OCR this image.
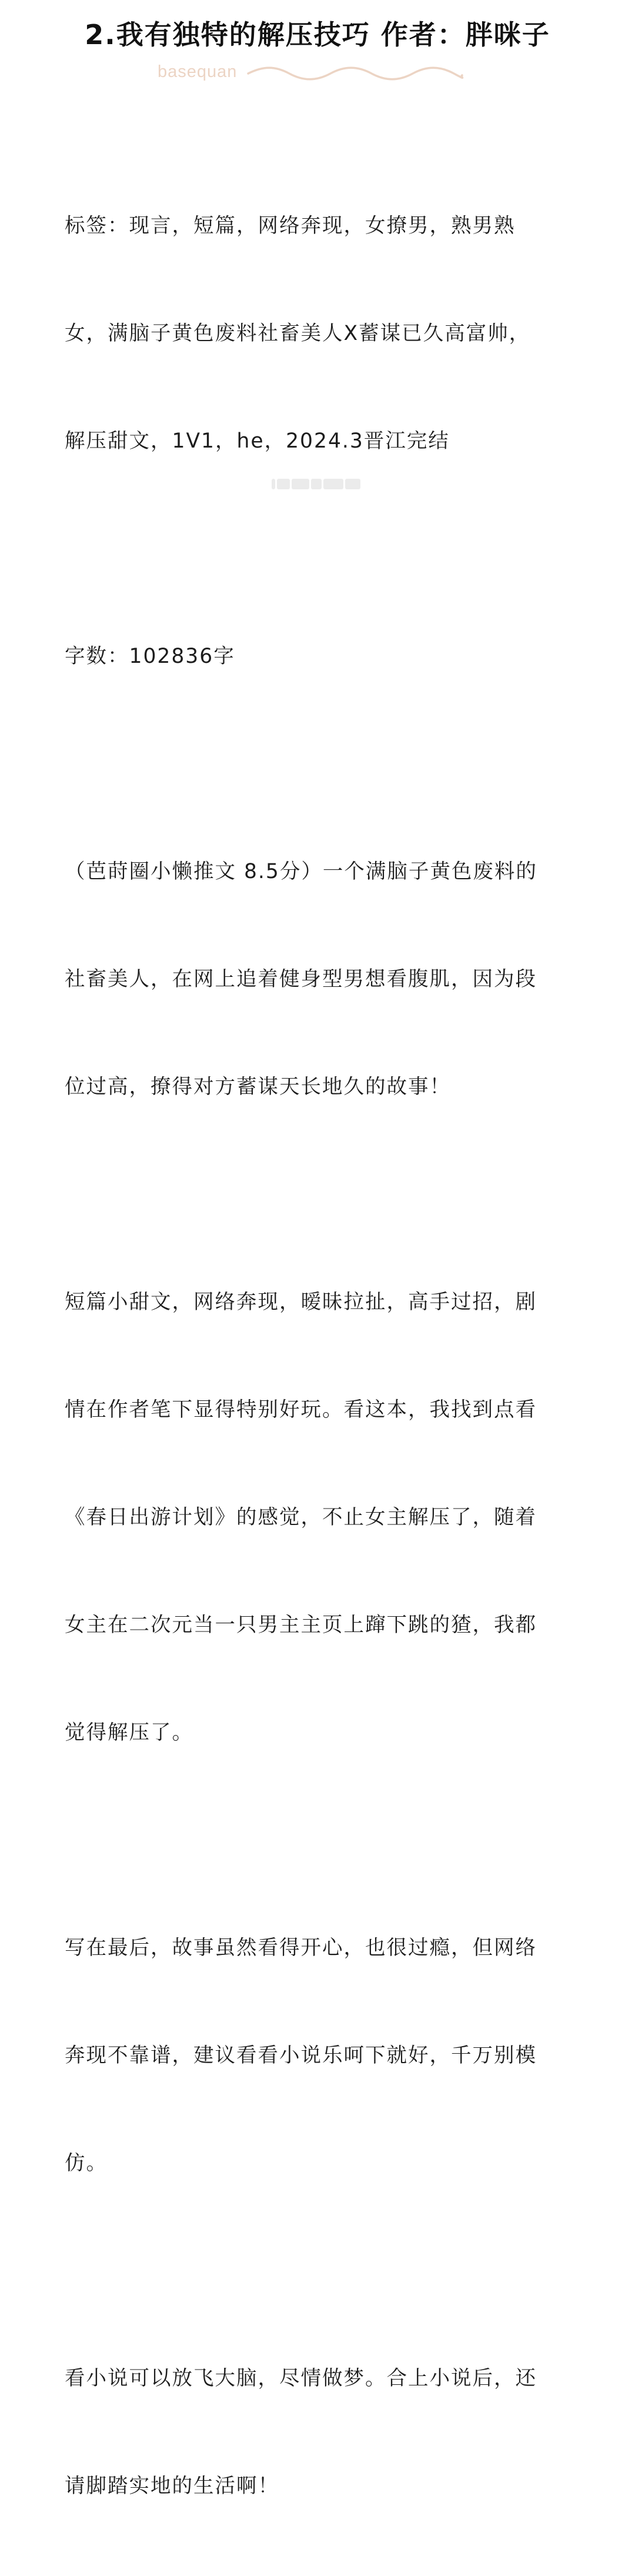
2.我有独特的解压技巧 作者：胖咪子
basequan

标签：现言，短篇，网络奔现，女撩男，熟男熟

女，满脑子黄色废料社畜美人X蓄谋已久高富帅，

解压甜文，1V1，he，2024.3晋江完结

字数：102836字

（芭莳圈小懒推文 8.5分）一个满脑子黄色废料的

社畜美人，在网上追着健身型男想看腹肌，因为段

位过高，撩得对方蓄谋天长地久的故事！

短篇小甜文，网络奔现，暧昧拉扯，高手过招，剧

情在作者笔下显得特别好玩。看这本，我找到点看

《春日出游计划》的感觉，不止女主解压了，随着

女主在二次元当一只男主主页上蹿下跳的猹，我都

觉得解压了。

写在最后，故事虽然看得开心，也很过瘾，但网络

奔现不靠谱，建议看看小说乐呵下就好，千万别模

仿。

看小说可以放飞大脑，尽情做梦。合上小说后，还

请脚踏实地的生活啊！
